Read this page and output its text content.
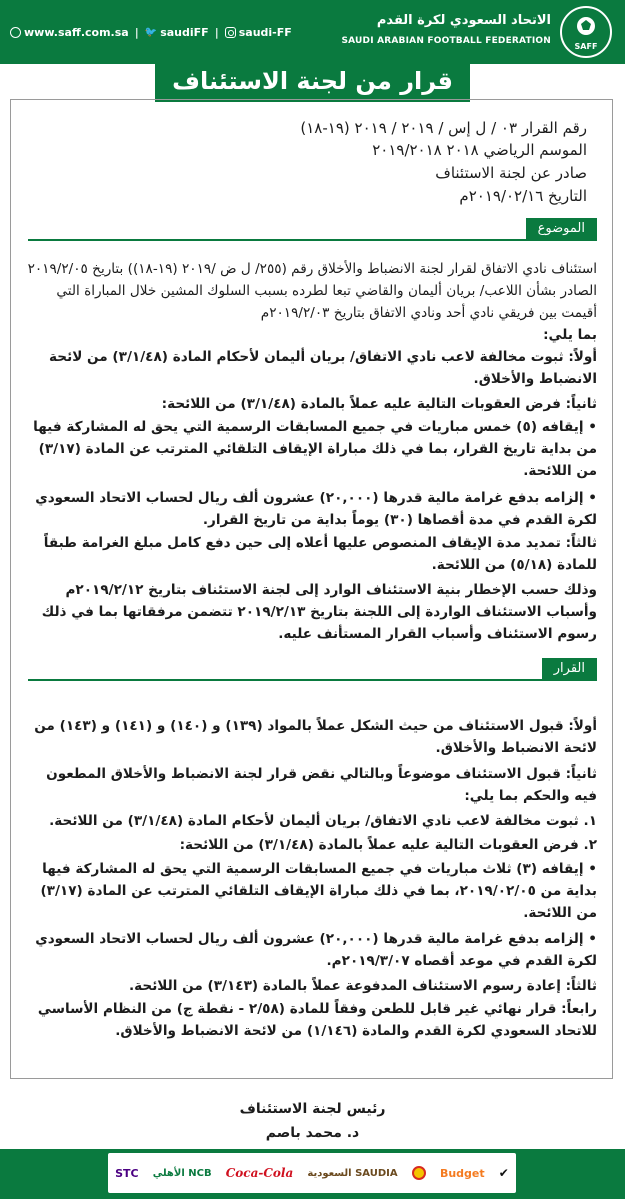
www.saff.com.sa | 🐦 saudiFF | saudi-FF
الاتحاد السعودي لكرة القدم
SAUDI ARABIAN FOOTBALL FEDERATION
SAFF
قرار من لجنة الاستئناف
رقم القرار ٠٣ / ل إس / ٢٠١٩ / ٢٠١٩ (١٩-١٨)
الموسم الرياضي ٢٠١٨ ٢٠١٩/٢٠١٨
صادر عن لجنة الاستئناف
التاريخ ٢٠١٩/٠٢/١٦م
الموضوع

استئناف نادي الاتفاق لقرار لجنة الانضباط والأخلاق رقم (٢٥٥/ ل ض /٢٠١٩ (١٩-١٨)) بتاريخ ٢٠١٩/٢/٠٥ الصادر بشأن اللاعب/ بريان أليمان والقاضي تبعا لطرده بسبب السلوك المشين خلال المباراة التي أقيمت بين فريقي نادي أحد ونادي الاتفاق بتاريخ ٢٠١٩/٢/٠٣م

بما يلي:

أولاً: ثبوت مخالفة لاعب نادي الاتفاق/ بريان أليمان لأحكام المادة (٣/١/٤٨) من لائحة الانضباط والأخلاق.

ثانياً: فرض العقوبات التالية عليه عملاً بالمادة (٣/١/٤٨) من اللائحة:

• إيقافه (٥) خمس مباريات في جميع المسابقات الرسمية التي يحق له المشاركة فيها من بداية تاريخ القرار، بما في ذلك مباراة الإيقاف التلقائي المترتب عن المادة (٣/١٧) من اللائحة.

• إلزامه بدفع غرامة مالية قدرها (٢٠,٠٠٠) عشرون ألف ريال لحساب الاتحاد السعودي لكرة القدم في مدة أقصاها (٣٠) يوماً بداية من تاريخ القرار.

ثالثاً: تمديد مدة الإيقاف المنصوص عليها أعلاه إلى حين دفع كامل مبلغ الغرامة طبقاً للمادة (٥/١٨) من اللائحة.

وذلك حسب الإخطار بنية الاستئناف الوارد إلى لجنة الاستئناف بتاريخ ٢٠١٩/٢/١٢م وأسباب الاستئناف الواردة إلى اللجنة بتاريخ ٢٠١٩/٢/١٣ تتضمن مرفقاتها بما في ذلك رسوم الاستئناف وأسباب القرار المستأنف عليه.

القرار

أولاً: قبول الاستئناف من حيث الشكل عملاً بالمواد (١٣٩) و (١٤٠) و (١٤١) و (١٤٣) من لائحة الانضباط والأخلاق.

ثانياً: قبول الاستئناف موضوعاً وبالتالي نقض قرار لجنة الانضباط والأخلاق المطعون فيه والحكم بما يلي:

١. ثبوت مخالفة لاعب نادي الاتفاق/ بريان أليمان لأحكام المادة (٣/١/٤٨) من اللائحة.

٢. فرض العقوبات التالية عليه عملاً بالمادة (٣/١/٤٨) من اللائحة:

• إيقافه (٣) ثلاث مباريات في جميع المسابقات الرسمية التي يحق له المشاركة فيها بداية من ٢٠١٩/٠٢/٠٥، بما في ذلك مباراة الإيقاف التلقائي المترتب عن المادة (٣/١٧) من اللائحة.

• إلزامه بدفع غرامة مالية قدرها (٢٠,٠٠٠) عشرون ألف ريال لحساب الاتحاد السعودي لكرة القدم في موعد أقصاه ٢٠١٩/٣/٠٧م.

ثالثاً: إعادة رسوم الاستئناف المدفوعة عملاً بالمادة (٣/١٤٣) من اللائحة.

رابعاً: قرار نهائي غير قابل للطعن وفقاً للمادة (٢/٥٨ - نقطة ج) من النظام الأساسي للاتحاد السعودي لكرة القدم والمادة (١/١٤٦) من لائحة الانضباط والأخلاق.

رئيس لجنة الاستئناف
د. محمد باصم
STC الأهلي NCB Coca-Cola السعودية SAUDIA	Budget ✔
